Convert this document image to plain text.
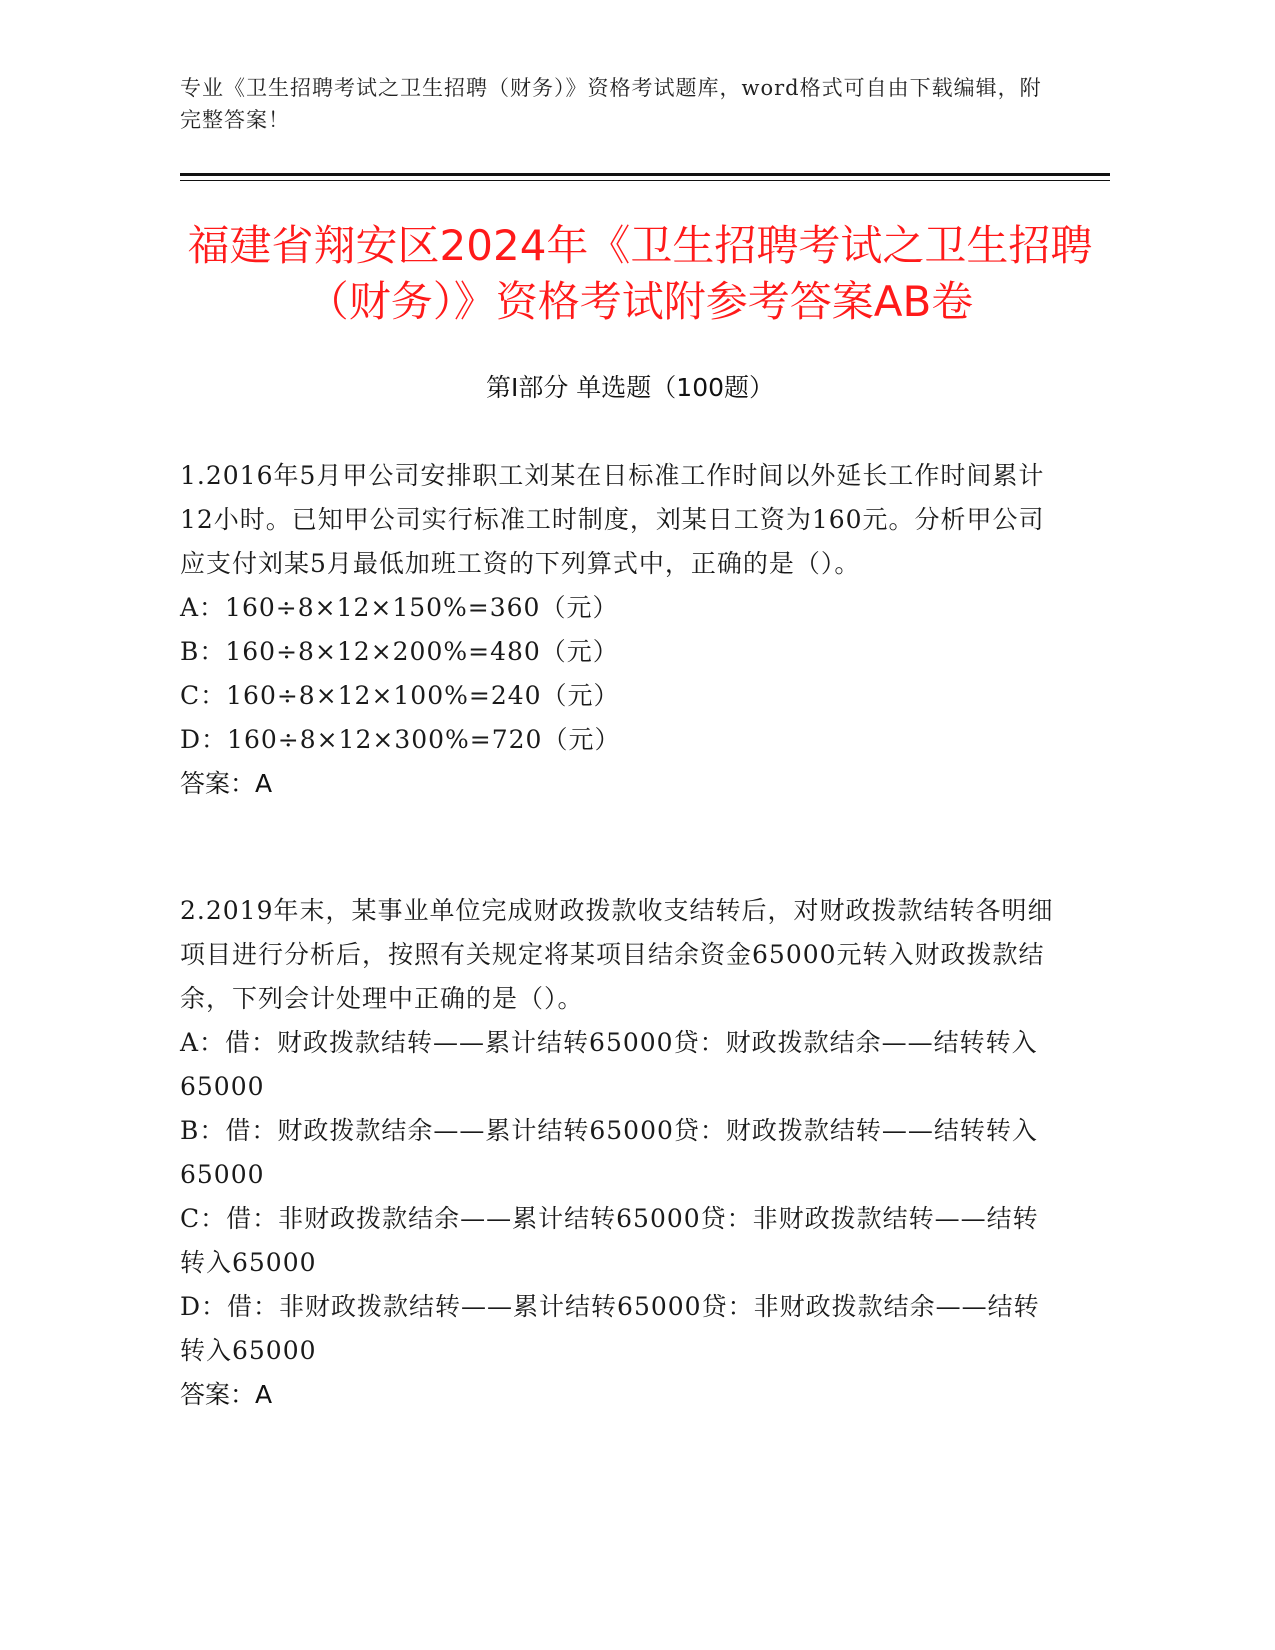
专业《卫生招聘考试之卫生招聘（财务）》资格考试题库，word格式可自由下载编辑，附完整答案！
福建省翔安区2024年《卫生招聘考试之卫生招聘（财务）》资格考试附参考答案AB卷
第Ⅰ部分 单选题（100题）
1.2016年5月甲公司安排职工刘某在日标准工作时间以外延长工作时间累计12小时。已知甲公司实行标准工时制度，刘某日工资为160元。分析甲公司应支付刘某5月最低加班工资的下列算式中，正确的是（）。
A：160÷8×12×150%=360（元）
B：160÷8×12×200%=480（元）
C：160÷8×12×100%=240（元）
D：160÷8×12×300%=720（元）
答案：A
2.2019年末，某事业单位完成财政拨款收支结转后，对财政拨款结转各明细项目进行分析后，按照有关规定将某项目结余资金65000元转入财政拨款结余，下列会计处理中正确的是（）。
A：借：财政拨款结转——累计结转65000贷：财政拨款结余——结转转入65000
B：借：财政拨款结余——累计结转65000贷：财政拨款结转——结转转入65000
C：借：非财政拨款结余——累计结转65000贷：非财政拨款结转——结转转入65000
D：借：非财政拨款结转——累计结转65000贷：非财政拨款结余——结转转入65000
答案：A
